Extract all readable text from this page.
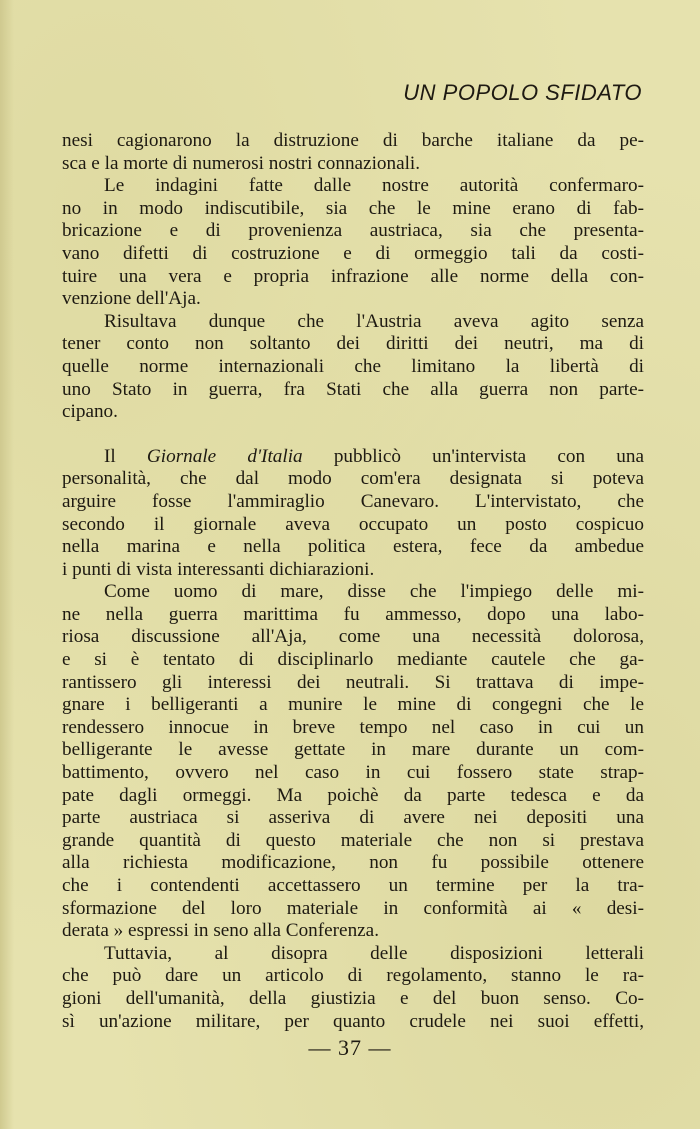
UN POPOLO SFIDATO

nesi cagionarono la distruzione di barche italiane da pe-
sca e la morte di numerosi nostri connazionali.

Le indagini fatte dalle nostre autorità confermaro-
no in modo indiscutibile, sia che le mine erano di fab-
bricazione e di provenienza austriaca, sia che presenta-
vano difetti di costruzione e di ormeggio tali da costi-
tuire una vera e propria infrazione alle norme della con-
venzione dell'Aja.

Risultava dunque che l'Austria aveva agito senza
tener conto non soltanto dei diritti dei neutri, ma di
quelle norme internazionali che limitano la libertà di
uno Stato in guerra, fra Stati che alla guerra non parte-
cipano.

Il Giornale d'Italia pubblicò un'intervista con una
personalità, che dal modo com'era designata si poteva
arguire fosse l'ammiraglio Canevaro. L'intervistato, che
secondo il giornale aveva occupato un posto cospicuo
nella marina e nella politica estera, fece da ambedue
i punti di vista interessanti dichiarazioni.

Come uomo di mare, disse che l'impiego delle mi-
ne nella guerra marittima fu ammesso, dopo una labo-
riosa discussione all'Aja, come una necessità dolorosa,
e si è tentato di disciplinarlo mediante cautele che ga-
rantissero gli interessi dei neutrali. Si trattava di impe-
gnare i belligeranti a munire le mine di congegni che le
rendessero innocue in breve tempo nel caso in cui un
belligerante le avesse gettate in mare durante un com-
battimento, ovvero nel caso in cui fossero state strap-
pate dagli ormeggi. Ma poichè da parte tedesca e da
parte austriaca si asseriva di avere nei depositi una
grande quantità di questo materiale che non si prestava
alla richiesta modificazione, non fu possibile ottenere
che i contendenti accettassero un termine per la tra-
sformazione del loro materiale in conformità ai « desi-
derata » espressi in seno alla Conferenza.

Tuttavia, al disopra delle disposizioni letterali
che può dare un articolo di regolamento, stanno le ra-
gioni dell'umanità, della giustizia e del buon senso. Co-
sì un'azione militare, per quanto crudele nei suoi effetti,

— 37 —
